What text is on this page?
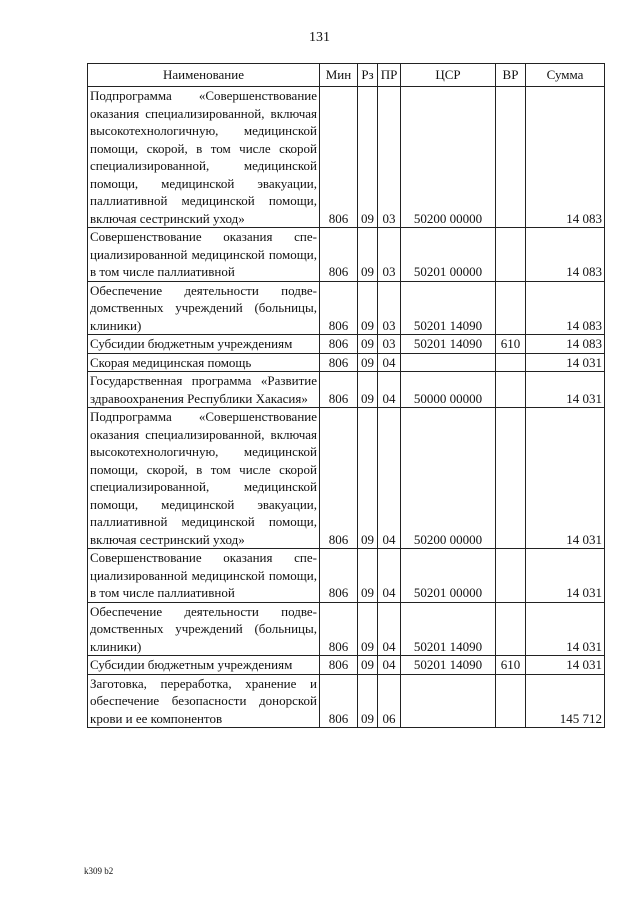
131
Наименование	Мин	Рз	ПР	ЦСР	ВР	Сумма
Подпрограмма «Совершенствование оказания специализированной, включая высокотехнологичную, медицинской помощи, скорой, в том числе скорой специализированной, медицинской помощи, медицинской эвакуации, паллиативной медицинской помощи, включая сестринский уход»	806	09	03	50200 00000		14 083
Совершенствование оказания специализированной медицинской помощи, в том числе паллиативной	806	09	03	50201 00000		14 083
Обеспечение деятельности подведомственных учреждений (больницы, клиники)	806	09	03	50201 14090		14 083
Субсидии бюджетным учреждениям	806	09	03	50201 14090	610	14 083
Скорая медицинская помощь	806	09	04			14 031
Государственная программа «Развитие здравоохранения Республики Хакасия»	806	09	04	50000 00000		14 031
Подпрограмма «Совершенствование оказания специализированной, включая высокотехнологичную, медицинской помощи, скорой, в том числе скорой специализированной, медицинской помощи, медицинской эвакуации, паллиативной медицинской помощи, включая сестринский уход»	806	09	04	50200 00000		14 031
Совершенствование оказания специализированной медицинской помощи, в том числе паллиативной	806	09	04	50201 00000		14 031
Обеспечение деятельности подведомственных учреждений (больницы, клиники)	806	09	04	50201 14090		14 031
Субсидии бюджетным учреждениям	806	09	04	50201 14090	610	14 031
Заготовка, переработка, хранение и обеспечение безопасности донорской крови и ее компонентов	806	09	06			145 712
k309 b2
